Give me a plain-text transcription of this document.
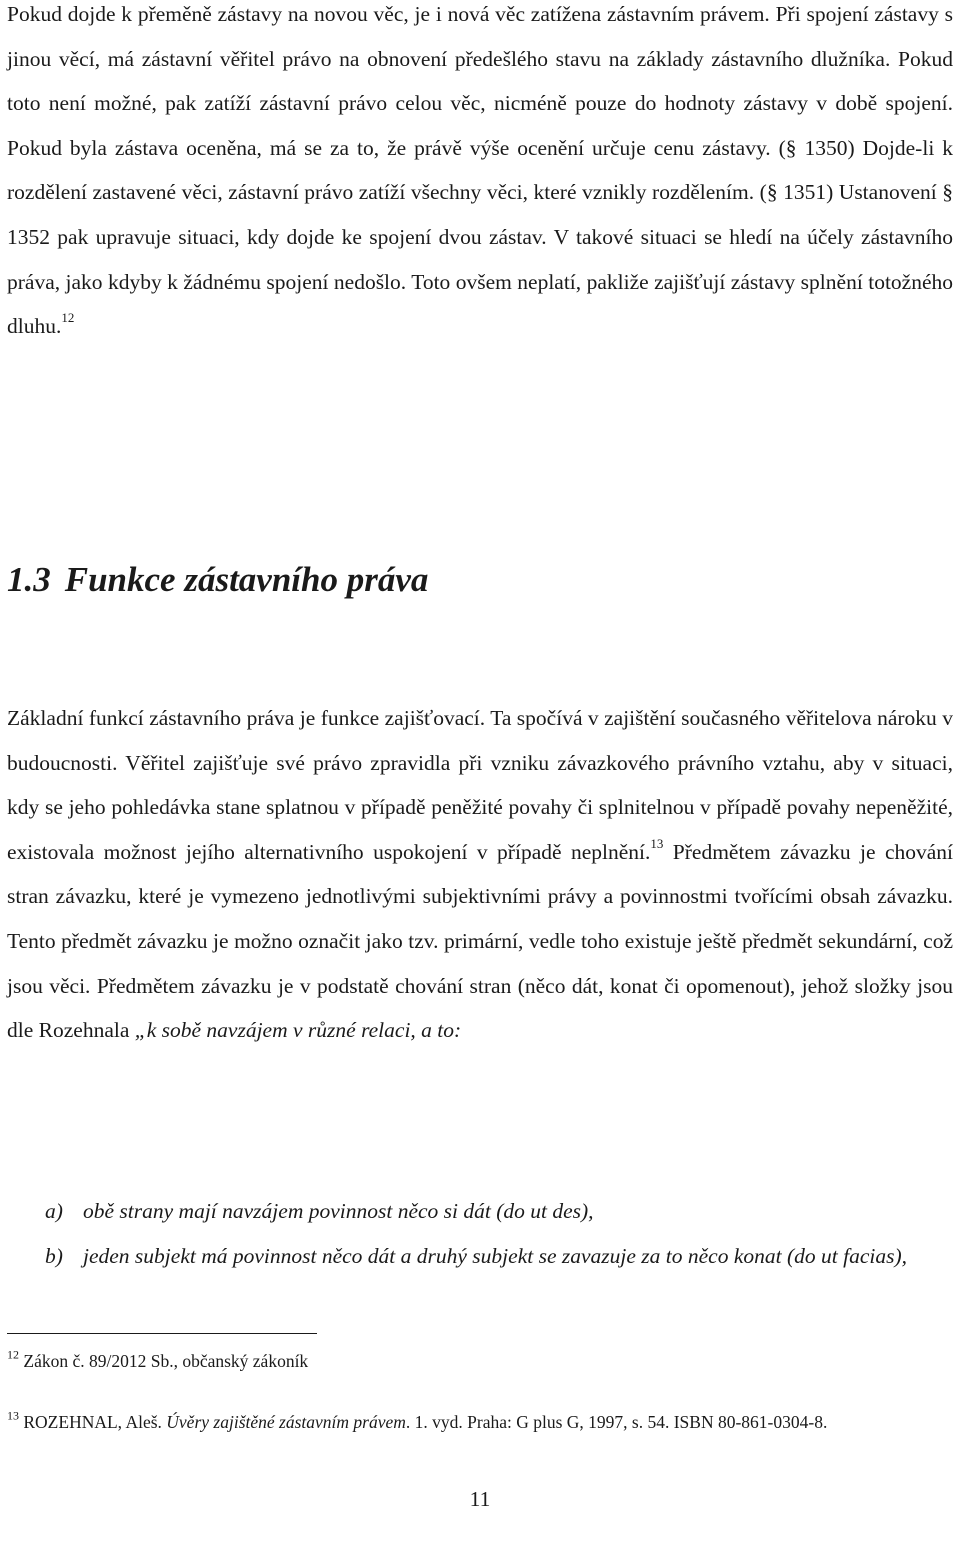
Pokud dojde k přeměně zástavy na novou věc, je i nová věc zatížena zástavním právem. Při spojení zástavy s jinou věcí, má zástavní věřitel právo na obnovení předešlého stavu na základy zástavního dlužníka. Pokud toto není možné, pak zatíží zástavní právo celou věc, nicméně pouze do hodnoty zástavy v době spojení. Pokud byla zástava oceněna, má se za to, že právě výše ocenění určuje cenu zástavy. (§ 1350) Dojde-li k rozdělení zastavené věci, zástavní právo zatíží všechny věci, které vznikly rozdělením. (§ 1351) Ustanovení § 1352 pak upravuje situaci, kdy dojde ke spojení dvou zástav. V takové situaci se hledí na účely zástavního práva, jako kdyby k žádnému spojení nedošlo. Toto ovšem neplatí, pakliže zajišťují zástavy splnění totožného dluhu.$^{12}$

1.3 Funkce zástavního práva

Základní funkcí zástavního práva je funkce zajišťovací. Ta spočívá v zajištění současného věřitelova nároku v budoucnosti. Věřitel zajišťuje své právo zpravidla při vzniku závazkového právního vztahu, aby v situaci, kdy se jeho pohledávka stane splatnou v případě peněžité povahy či splnitelnou v případě povahy nepeněžité, existovala možnost jejího alternativního uspokojení v případě neplnění.$^{13}$ Předmětem závazku je chování stran závazku, které je vymezeno jednotlivými subjektivními právy a povinnostmi tvořícími obsah závazku. Tento předmět závazku je možno označit jako tzv. primární, vedle toho existuje ještě předmět sekundární, což jsou věci. Předmětem závazku je v podstatě chování stran (něco dát, konat či opomenout), jehož složky jsou dle Rozehnala „k sobě navzájem v různé relaci, a to:

a) obě strany mají navzájem povinnost něco si dát (do ut des),
b) jeden subjekt má povinnost něco dát a druhý subjekt se zavazuje za to něco konat (do ut facias),

$^{12}$ Zákon č. 89/2012 Sb., občanský zákoník

$^{13}$ ROZEHNAL, Aleš. Úvěry zajištěné zástavním právem. 1. vyd. Praha: G plus G, 1997, s. 54. ISBN 80-861-0304-8.

11
